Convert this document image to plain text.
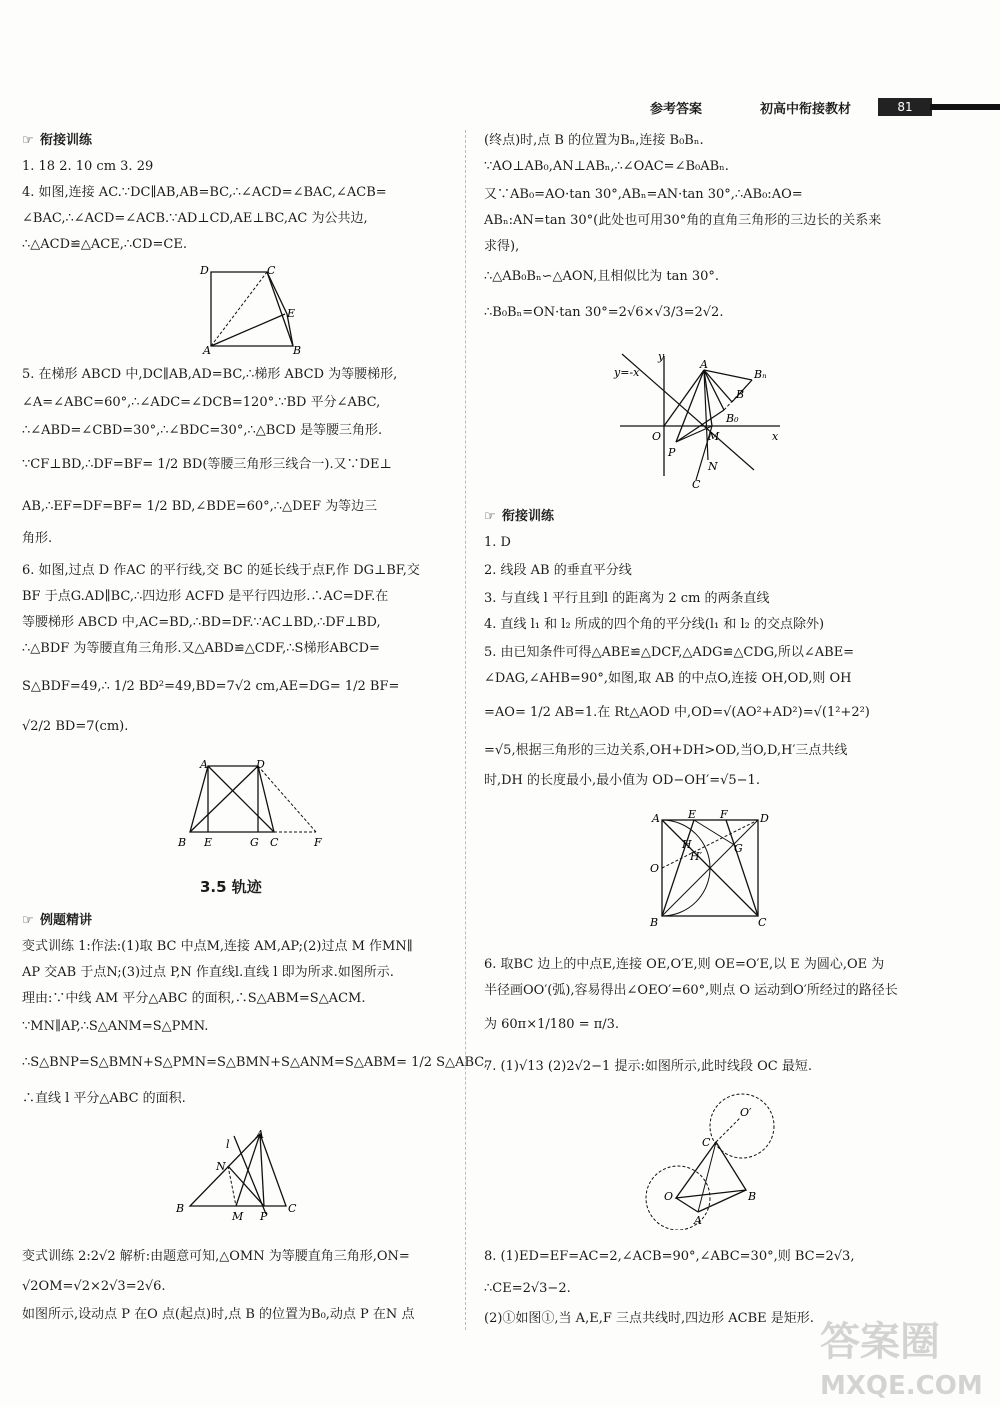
参考答案	初高中衔接教材	81
☞ 衔接训练
1. 18 2. 10 cm 3. 29
4. 如图,连接 AC.∵DC∥AB,AB=BC,∴∠ACD=∠BAC,∠ACB=
∠BAC,∴∠ACD=∠ACB.∵AD⊥CD,AE⊥BC,AC 为公共边,
∴△ACD≌△ACE,∴CD=CE.
D	C
E
A	B
5. 在梯形 ABCD 中,DC∥AB,AD=BC,∴梯形 ABCD 为等腰梯形,
∠A=∠ABC=60°,∴∠ADC=∠DCB=120°.∵BD 平分∠ABC,
∴∠ABD=∠CBD=30°,∴∠BDC=30°,∴△BCD 是等腰三角形.
∵CF⊥BD,∴DF=BF= 1/2 BD(等腰三角形三线合一).又∵DE⊥
AB,∴EF=DF=BF= 1/2 BD,∠BDE=60°,∴△DEF 为等边三
角形.
6. 如图,过点 D 作AC 的平行线,交 BC 的延长线于点F,作 DG⊥BF,交
BF 于点G.AD∥BC,∴四边形 ACFD 是平行四边形.∴AC=DF.在
等腰梯形 ABCD 中,AC=BD,∴BD=DF.∵AC⊥BD,∴DF⊥BD,
∴△BDF 为等腰直角三角形.又△ABD≌△CDF,∴S梯形ABCD=
S△BDF=49,∴ 1/2 BD²=49,BD=7√2 cm,AE=DG= 1/2 BF=
√2/2 BD=7(cm).
A	D
B E	G C	F
3.5 轨迹
☞ 例题精讲
变式训练 1:作法:(1)取 BC 中点M,连接 AM,AP;(2)过点 M 作MN∥
AP 交AB 于点N;(3)过点 P,N 作直线l.直线 l 即为所求.如图所示.
理由:∵中线 AM 平分△ABC 的面积,∴S△ABM=S△ACM.
∵MN∥AP,∴S△ANM=S△PMN.
∴S△BNP=S△BMN+S△PMN=S△BMN+S△ANM=S△ABM= 1/2 S△ABC,
∴直线 l 平分△ABC 的面积.
l
A
N
B
M P
C
变式训练 2:2√2 解析:由题意可知,△OMN 为等腰直角三角形,ON=
√2OM=√2×2√3=2√6.
如图所示,设动点 P 在O 点(起点)时,点 B 的位置为B₀,动点 P 在N 点
(终点)时,点 B 的位置为Bₙ,连接 B₀Bₙ.
∵AO⊥AB₀,AN⊥ABₙ,∴∠OAC=∠B₀ABₙ.
又∵AB₀=AO·tan 30°,ABₙ=AN·tan 30°,∴AB₀:AO=
ABₙ:AN=tan 30°(此处也可用30°角的直角三角形的三边长的关系来
求得),
∴△AB₀Bₙ∽△AON,且相似比为 tan 30°.
∴B₀Bₙ=ON·tan 30°=2√6×√3/3=2√2.
y
y=-x
A
Bₙ
B
B₀
O	M
P
x
N
C
☞ 衔接训练
1. D
2. 线段 AB 的垂直平分线
3. 与直线 l 平行且到l 的距离为 2 cm 的两条直线
4. 直线 l₁ 和 l₂ 所成的四个角的平分线(l₁ 和 l₂ 的交点除外)
5. 由已知条件可得△ABE≌△DCF,△ADG≌△CDG,所以∠ABE=
∠DAG,∠AHB=90°,如图,取 AB 的中点O,连接 OH,OD,则 OH
=AO= 1/2 AB=1.在 Rt△AOD 中,OD=√(AO²+AD²)=√(1²+2²)
=√5,根据三角形的三边关系,OH+DH>OD,当O,D,H′三点共线
时,DH 的长度最小,最小值为 OD−OH′=√5−1.
A	E F	D
H
H′
G
O
B	C
6. 取BC 边上的中点E,连接 OE,O′E,则 OE=O′E,以 E 为圆心,OE 为
半径画OO′(弧),容易得出∠OEO′=60°,则点 O 运动到O′所经过的路径长
为 60π×1/180 = π/3.
7. (1)√13 (2)2√2−1 提示:如图所示,此时线段 OC 最短.
O′
C
O	B
A
8. (1)ED=EF=AC=2,∠ACB=90°,∠ABC=30°,则 BC=2√3,
∴CE=2√3−2.
(2)①如图①,当 A,E,F 三点共线时,四边形 ACBE 是矩形.
答案圈
MXQE.COM
